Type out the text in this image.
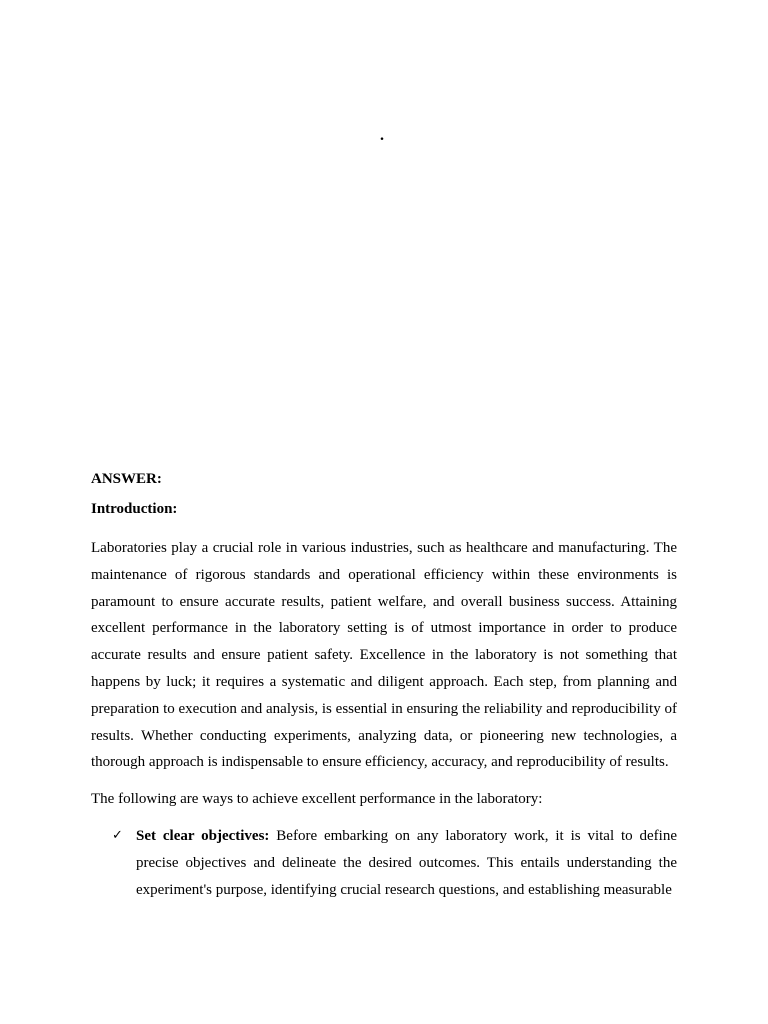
.

ANSWER:

Introduction:

Laboratories play a crucial role in various industries, such as healthcare and manufacturing. The maintenance of rigorous standards and operational efficiency within these environments is paramount to ensure accurate results, patient welfare, and overall business success. Attaining excellent performance in the laboratory setting is of utmost importance in order to produce accurate results and ensure patient safety. Excellence in the laboratory is not something that happens by luck; it requires a systematic and diligent approach. Each step, from planning and preparation to execution and analysis, is essential in ensuring the reliability and reproducibility of results. Whether conducting experiments, analyzing data, or pioneering new technologies, a thorough approach is indispensable to ensure efficiency, accuracy, and reproducibility of results.

The following are ways to achieve excellent performance in the laboratory:

✓ Set clear objectives: Before embarking on any laboratory work, it is vital to define precise objectives and delineate the desired outcomes. This entails understanding the experiment's purpose, identifying crucial research questions, and establishing measurable
